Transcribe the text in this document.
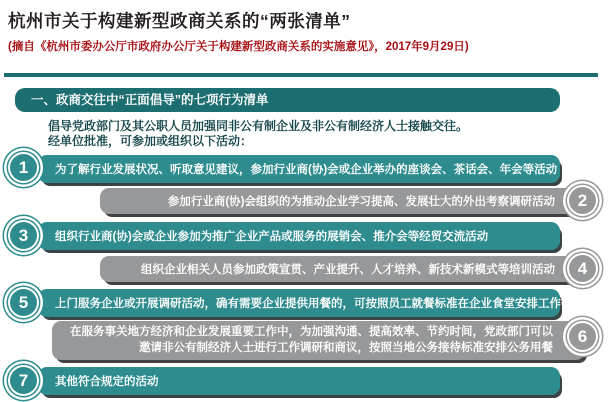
杭州市关于构建新型政商关系的“两张清单”
(摘自《杭州市委办公厅市政府办公厅关于构建新型政商关系的实施意见》，2017年9月29日)
一、政商交往中“正面倡导”的七项行为清单
倡导党政部门及其公职人员加强同非公有制企业及非公有制经济人士接触交往。
经单位批准，可参加或组织以下活动：
为了解行业发展状况、听取意见建议，参加行业商(协)会或企业举办的座谈会、茶话会、年会等活动
1
参加行业商(协)会组织的为推动企业学习提高、发展壮大的外出考察调研活动	2
组织行业商(协)会或企业参加为推广企业产品或服务的展销会、推介会等经贸交流活动
3
组织企业相关人员参加政策宣贯、产业提升、人才培养、新技术新模式等培训活动	4
上门服务企业或开展调研活动，确有需要企业提供用餐的，可按照员工就餐标准在企业食堂安排工作餐
5
在服务事关地方经济和企业发展重要工作中，为加强沟通、提高效率、节约时间，党政部门可以邀请非公有制经济人士进行工作调研和商议，按照当地公务接待标准安排公务用餐
6
其他符合规定的活动
7
